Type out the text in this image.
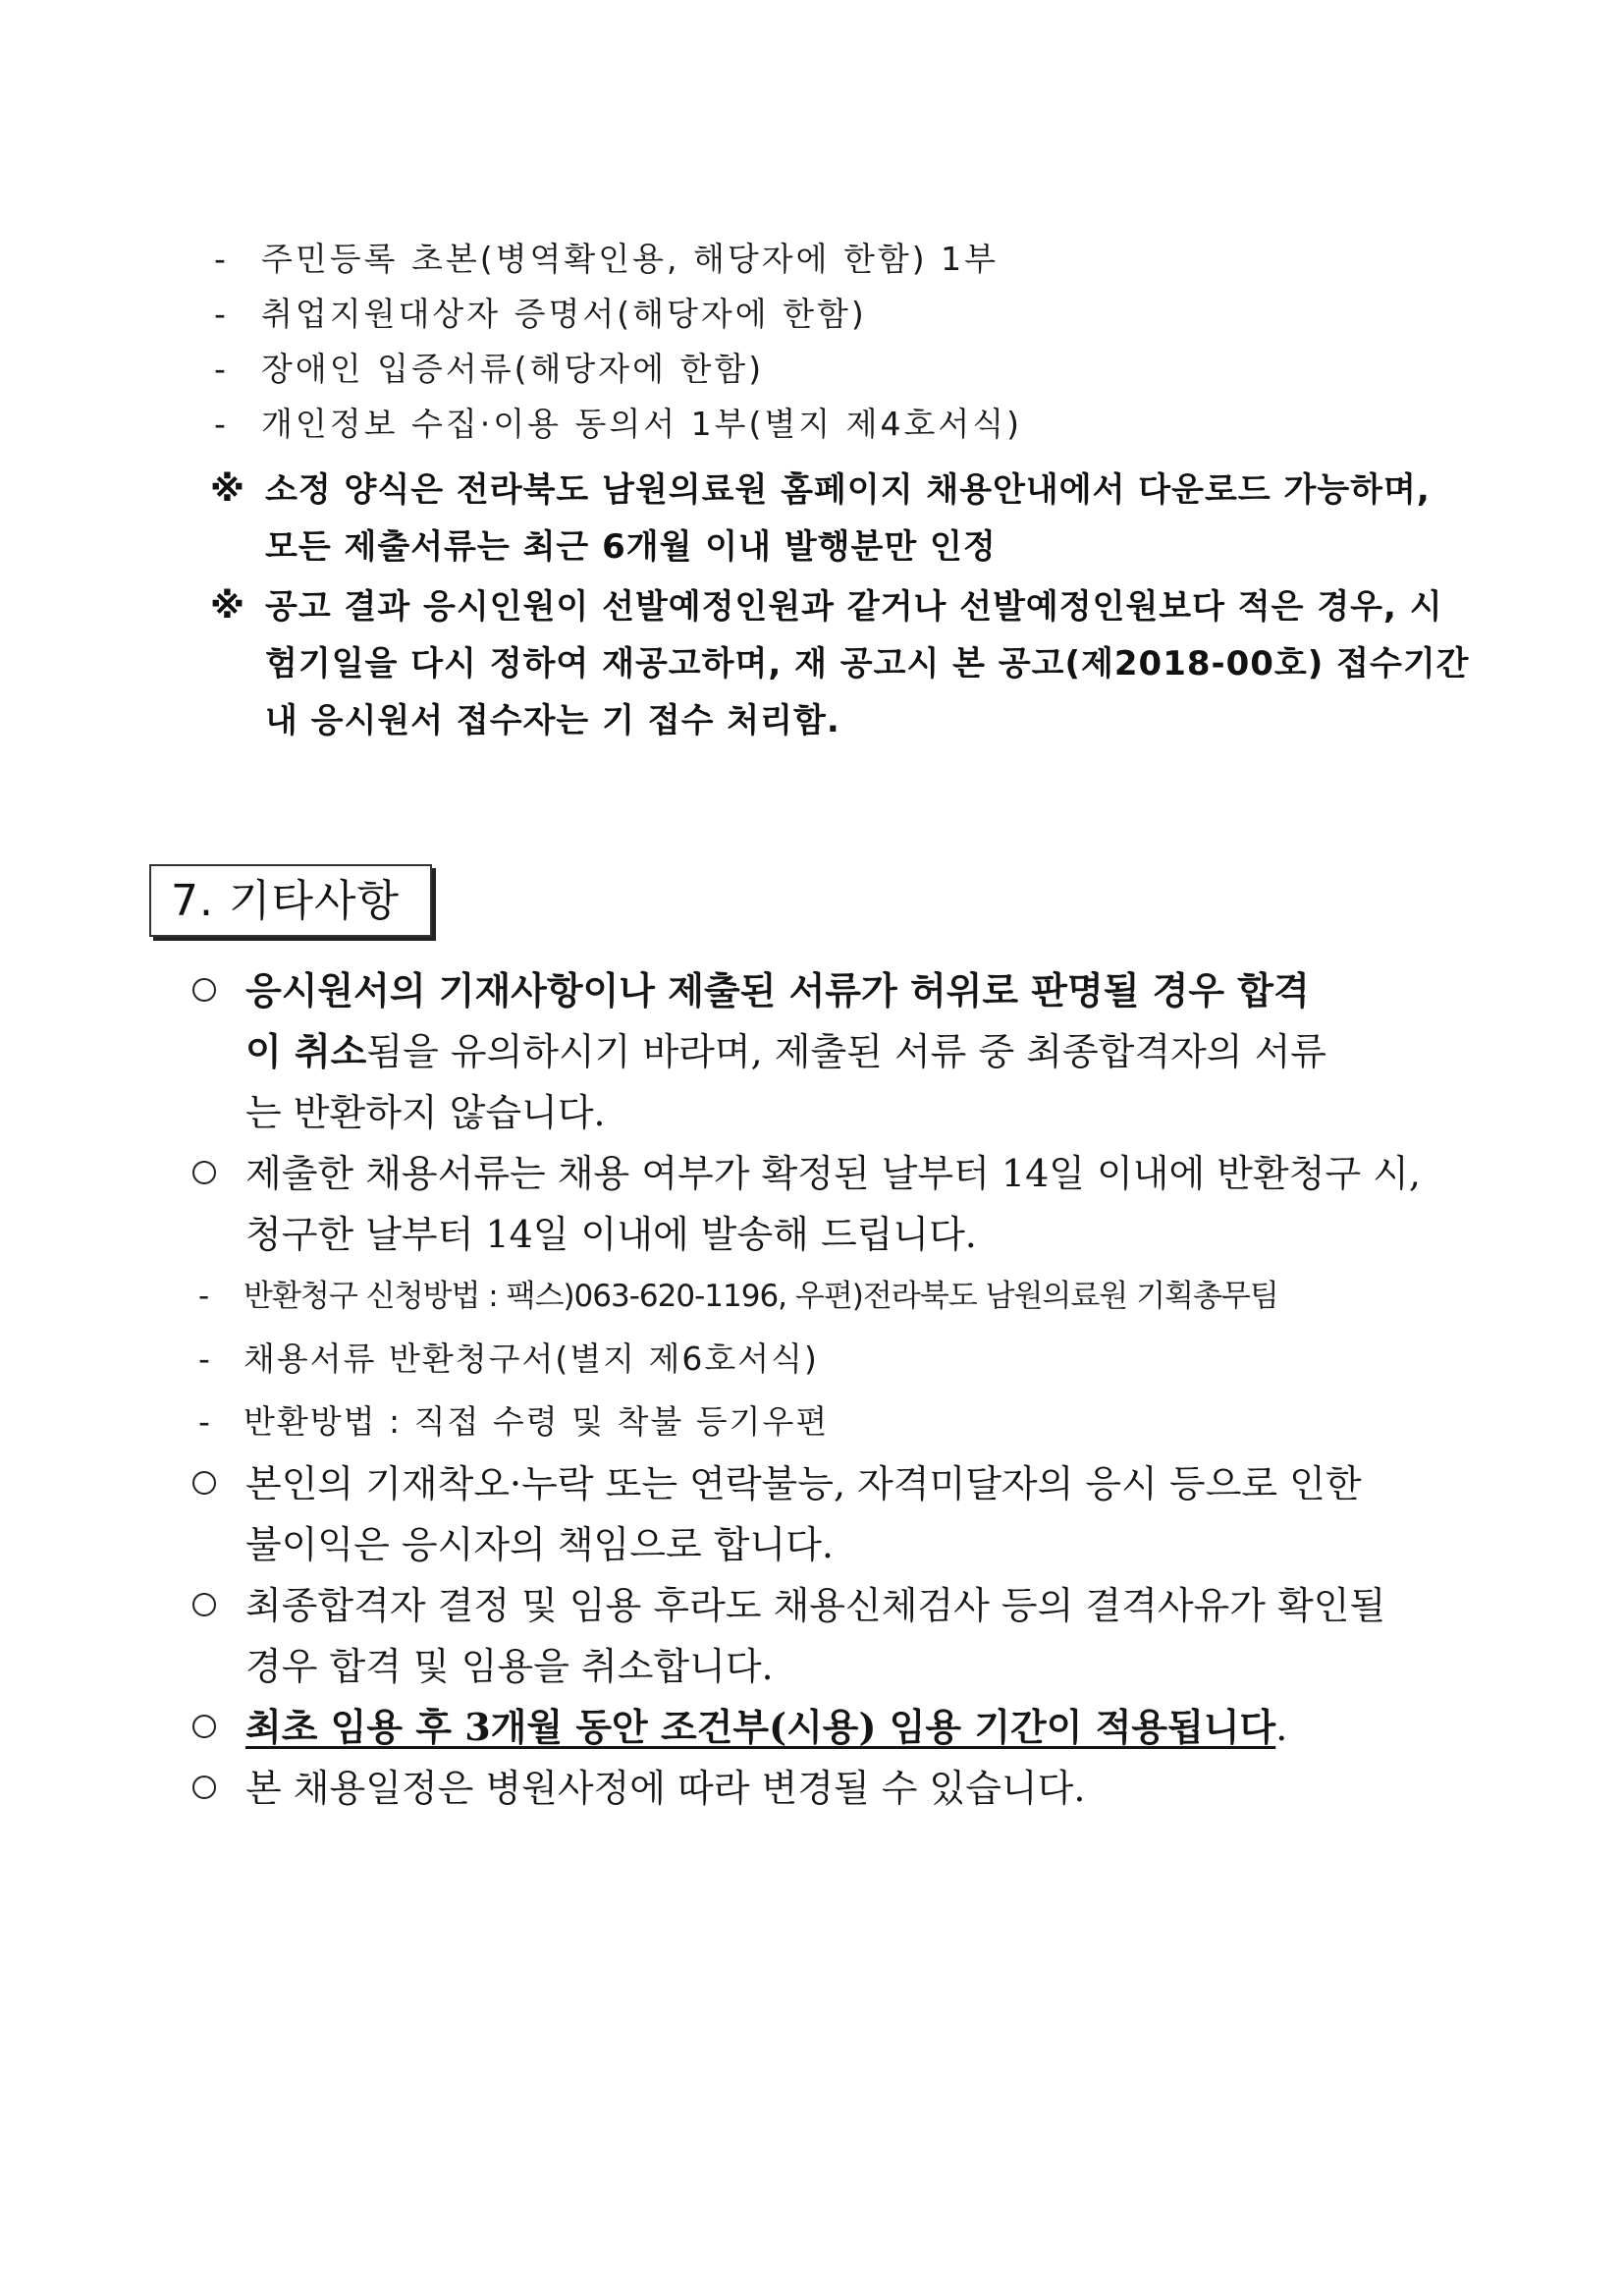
- 주민등록 초본(병역확인용, 해당자에 한함) 1부
- 취업지원대상자 증명서(해당자에 한함)
- 장애인 입증서류(해당자에 한함)
- 개인정보 수집·이용 동의서 1부(별지 제4호서식)
※ 소정 양식은 전라북도 남원의료원 홈페이지 채용안내에서 다운로드 가능하며,
모든 제출서류는 최근 6개월 이내 발행분만 인정
※ 공고 결과 응시인원이 선발예정인원과 같거나 선발예정인원보다 적은 경우, 시
험기일을 다시 정하여 재공고하며, 재 공고시 본 공고(제2018-00호) 접수기간
내 응시원서 접수자는 기 접수 처리함.
7. 기타사항
응시원서의 기재사항이나 제출된 서류가 허위로 판명될 경우 합격
이 취소됨을 유의하시기 바라며, 제출된 서류 중 최종합격자의 서류
는 반환하지 않습니다.
제출한 채용서류는 채용 여부가 확정된 날부터 14일 이내에 반환청구 시,
청구한 날부터 14일 이내에 발송해 드립니다.
- 반환청구 신청방법 : 팩스)063-620-1196, 우편)전라북도 남원의료원 기획총무팀
- 채용서류 반환청구서(별지 제6호서식)
- 반환방법 : 직접 수령 및 착불 등기우편
본인의 기재착오·누락 또는 연락불능, 자격미달자의 응시 등으로 인한
불이익은 응시자의 책임으로 합니다.
최종합격자 결정 및 임용 후라도 채용신체검사 등의 결격사유가 확인될
경우 합격 및 임용을 취소합니다.
최초 임용 후 3개월 동안 조건부(시용) 임용 기간이 적용됩니다.
본 채용일정은 병원사정에 따라 변경될 수 있습니다.
